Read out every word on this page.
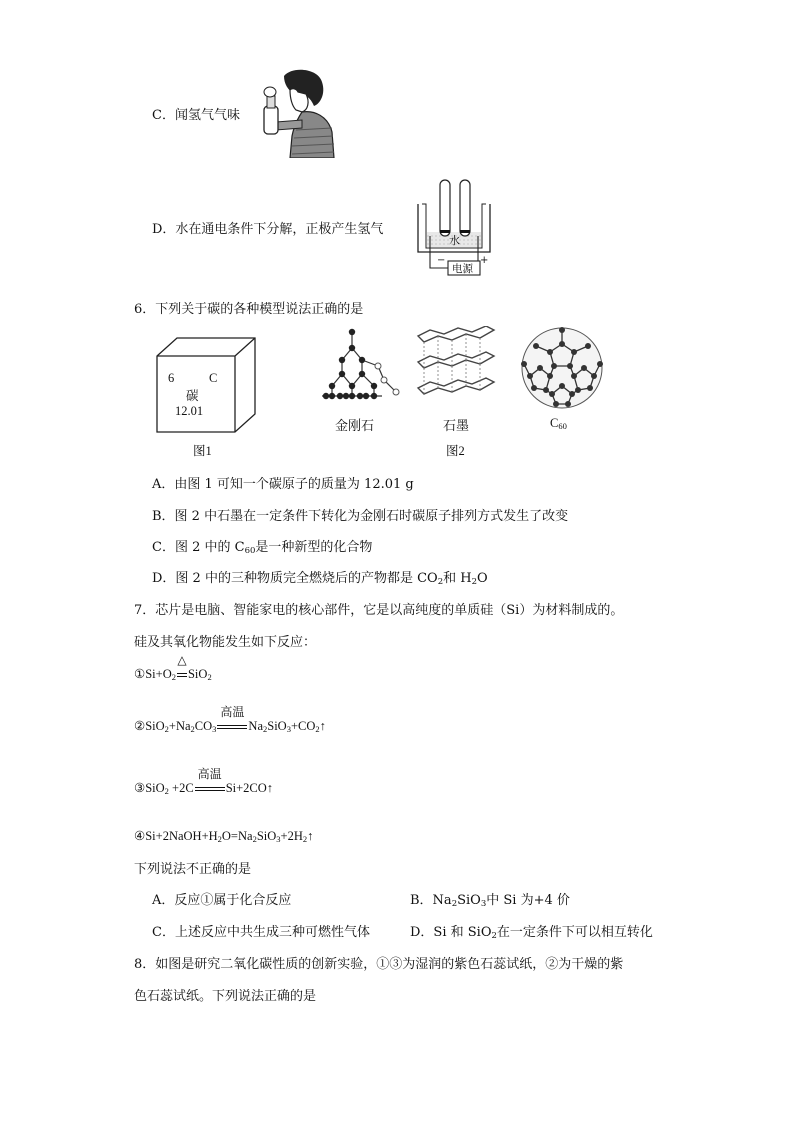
C．闻氢气气味
D．水在通电条件下分解，正极产生氢气
水
电源
−	+
6．下列关于碳的各种模型说法正确的是
6	C
碳
12.01
图1
金刚石	石墨
图2
$C_{60}$
A．由图 1 可知一个碳原子的质量为 12.01 g
B．图 2 中石墨在一定条件下转化为金刚石时碳原子排列方式发生了改变
C．图 2 中的 $C_{60}$是一种新型的化合物
D．图 2 中的三种物质完全燃烧后的产物都是 $CO_2$和 $H_2O$
7．芯片是电脑、智能家电的核心部件，它是以高纯度的单质硅（Si）为材料制成的。
硅及其氧化物能发生如下反应：
$①Si+O_2$
△
SiO$_2$
$②SiO_2+Na_2CO_3$
高温
$Na_2SiO_3+CO_2↑$
③SiO$_2$ +2C
高温
Si+2CO↑
$④Si+2NaOH+H_2O=Na_2SiO_3+2H_2↑$
下列说法不正确的是
A．反应①属于化合反应	B．$Na_2SiO_3$中 Si 为+4 价
C．上述反应中共生成三种可燃性气体	D．Si 和 SiO$_2$在一定条件下可以相互转化
8．如图是研究二氧化碳性质的创新实验，①③为湿润的紫色石蕊试纸，②为干燥的紫
色石蕊试纸。下列说法正确的是
